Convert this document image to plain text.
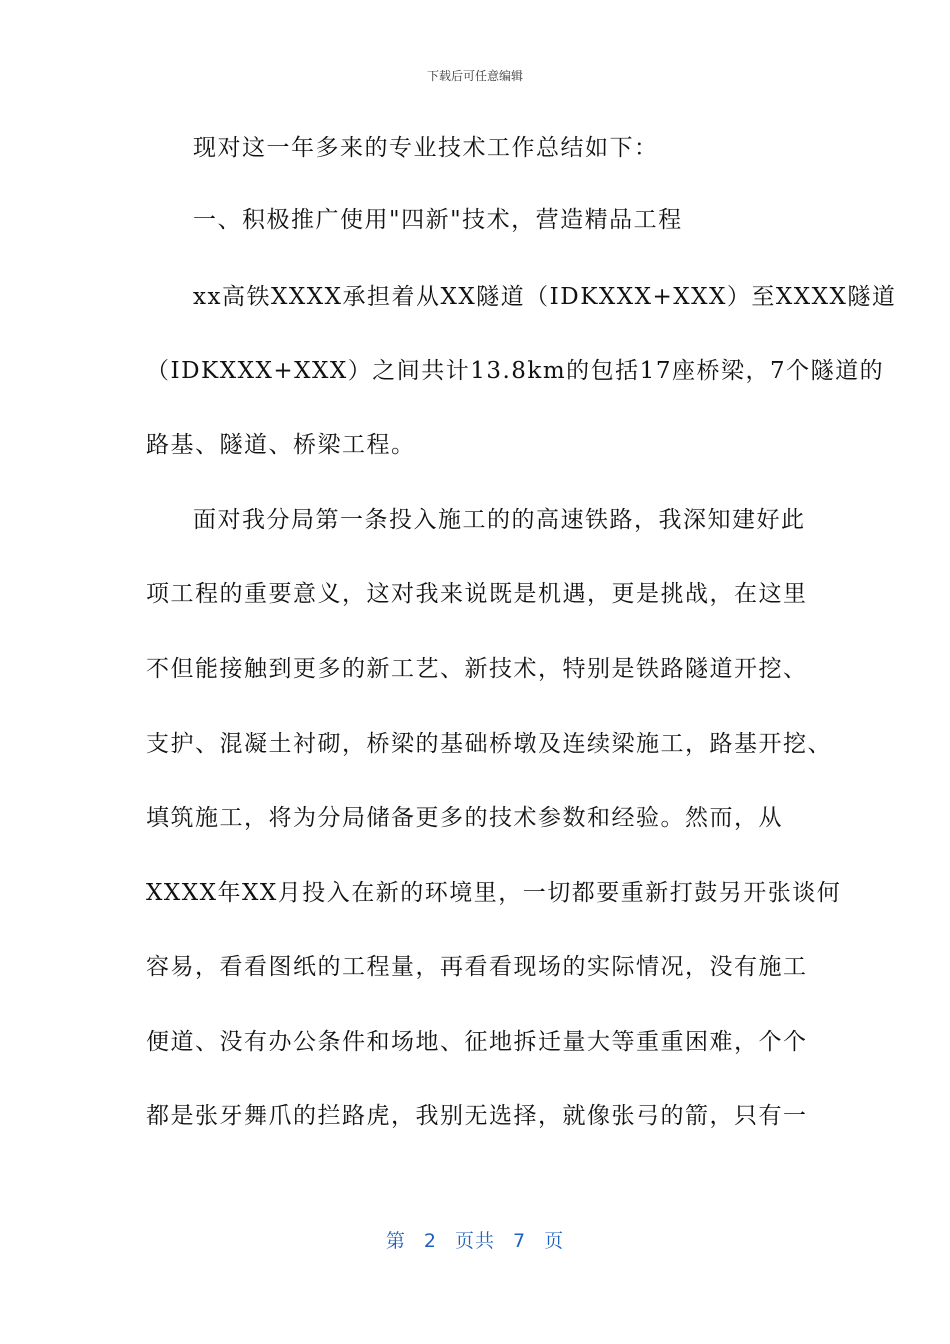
下载后可任意编辑
现对这一年多来的专业技术工作总结如下：
一、积极推广使用"四新"技术，营造精品工程
xx高铁XXXX承担着从XX隧道（IDKXXX+XXX）至XXXX隧道
（IDKXXX+XXX）之间共计13.8km的包括17座桥梁，7个隧道的
路基、隧道、桥梁工程。
面对我分局第一条投入施工的的高速铁路，我深知建好此
项工程的重要意义，这对我来说既是机遇，更是挑战，在这里
不但能接触到更多的新工艺、新技术，特别是铁路隧道开挖、
支护、混凝土衬砌，桥梁的基础桥墩及连续梁施工，路基开挖、
填筑施工，将为分局储备更多的技术参数和经验。然而，从
XXXX年XX月投入在新的环境里，一切都要重新打鼓另开张谈何
容易，看看图纸的工程量，再看看现场的实际情况，没有施工
便道、没有办公条件和场地、征地拆迁量大等重重困难，个个
都是张牙舞爪的拦路虎，我别无选择，就像张弓的箭，只有一
第 2 页共 7 页
